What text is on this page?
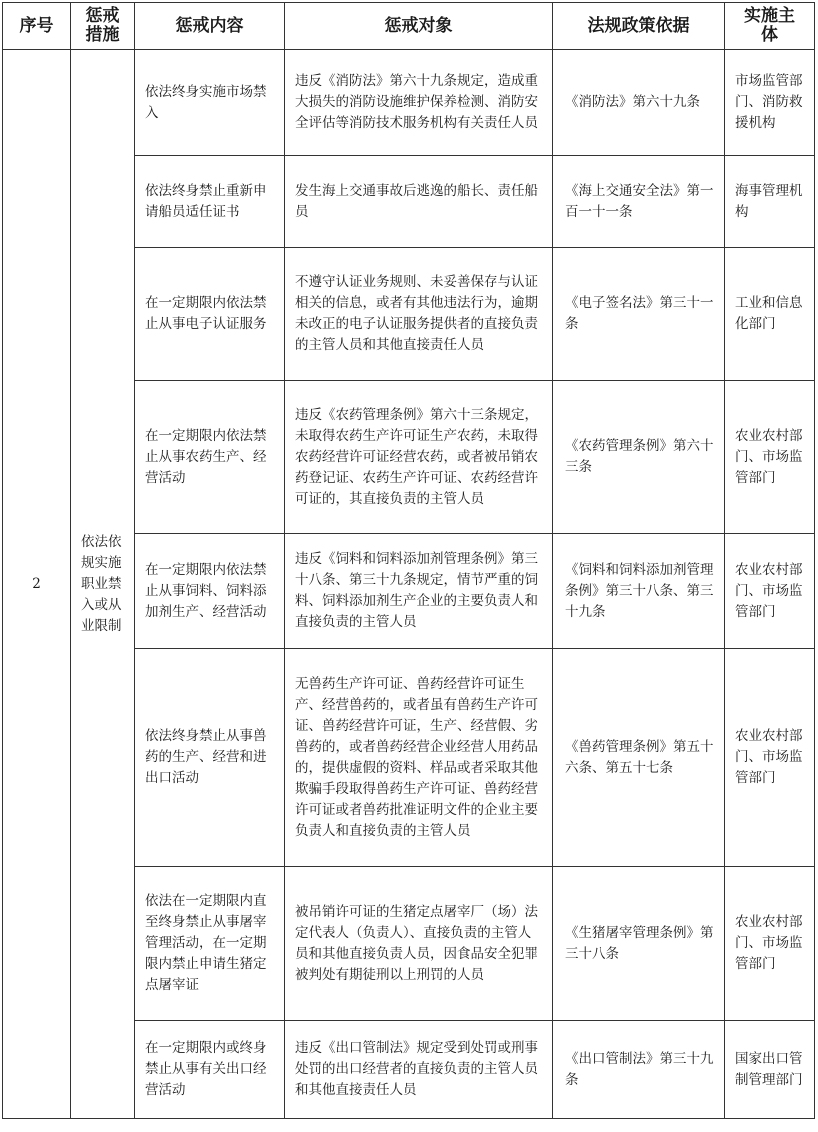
序号	惩戒措施	惩戒内容	惩戒对象	法规政策依据	实施主体
2	依法依规实施职业禁入或从业限制	依法终身实施市场禁入	违反《消防法》第六十九条规定，造成重大损失的消防设施维护保养检测、消防安全评估等消防技术服务机构有关责任人员	《消防法》第六十九条	市场监管部门、消防救援机构
		依法终身禁止重新申请船员适任证书	发生海上交通事故后逃逸的船长、责任船员	《海上交通安全法》第一百一十一条	海事管理机构
		在一定期限内依法禁止从事电子认证服务	不遵守认证业务规则、未妥善保存与认证相关的信息，或者有其他违法行为，逾期未改正的电子认证服务提供者的直接负责的主管人员和其他直接责任人员	《电子签名法》第三十一条	工业和信息化部门
		在一定期限内依法禁止从事农药生产、经营活动	违反《农药管理条例》第六十三条规定，未取得农药生产许可证生产农药，未取得农药经营许可证经营农药，或者被吊销农药登记证、农药生产许可证、农药经营许可证的，其直接负责的主管人员	《农药管理条例》第六十三条	农业农村部门、市场监管部门
		在一定期限内依法禁止从事饲料、饲料添加剂生产、经营活动	违反《饲料和饲料添加剂管理条例》第三十八条、第三十九条规定，情节严重的饲料、饲料添加剂生产企业的主要负责人和直接负责的主管人员	《饲料和饲料添加剂管理条例》第三十八条、第三十九条	农业农村部门、市场监管部门
		依法终身禁止从事兽药的生产、经营和进出口活动	无兽药生产许可证、兽药经营许可证生产、经营兽药的，或者虽有兽药生产许可证、兽药经营许可证，生产、经营假、劣兽药的，或者兽药经营企业经营人用药品的，提供虚假的资料、样品或者采取其他欺骗手段取得兽药生产许可证、兽药经营许可证或者兽药批准证明文件的企业主要负责人和直接负责的主管人员	《兽药管理条例》第五十六条、第五十七条	农业农村部门、市场监管部门
		依法在一定期限内直至终身禁止从事屠宰管理活动，在一定期限内禁止申请生猪定点屠宰证	被吊销许可证的生猪定点屠宰厂（场）法定代表人（负责人）、直接负责的主管人员和其他直接负责人员，因食品安全犯罪被判处有期徒刑以上刑罚的人员	《生猪屠宰管理条例》第三十八条	农业农村部门、市场监管部门
		在一定期限内或终身禁止从事有关出口经营活动	违反《出口管制法》规定受到处罚或刑事处罚的出口经营者的直接负责的主管人员和其他直接责任人员	《出口管制法》第三十九条	国家出口管制管理部门
